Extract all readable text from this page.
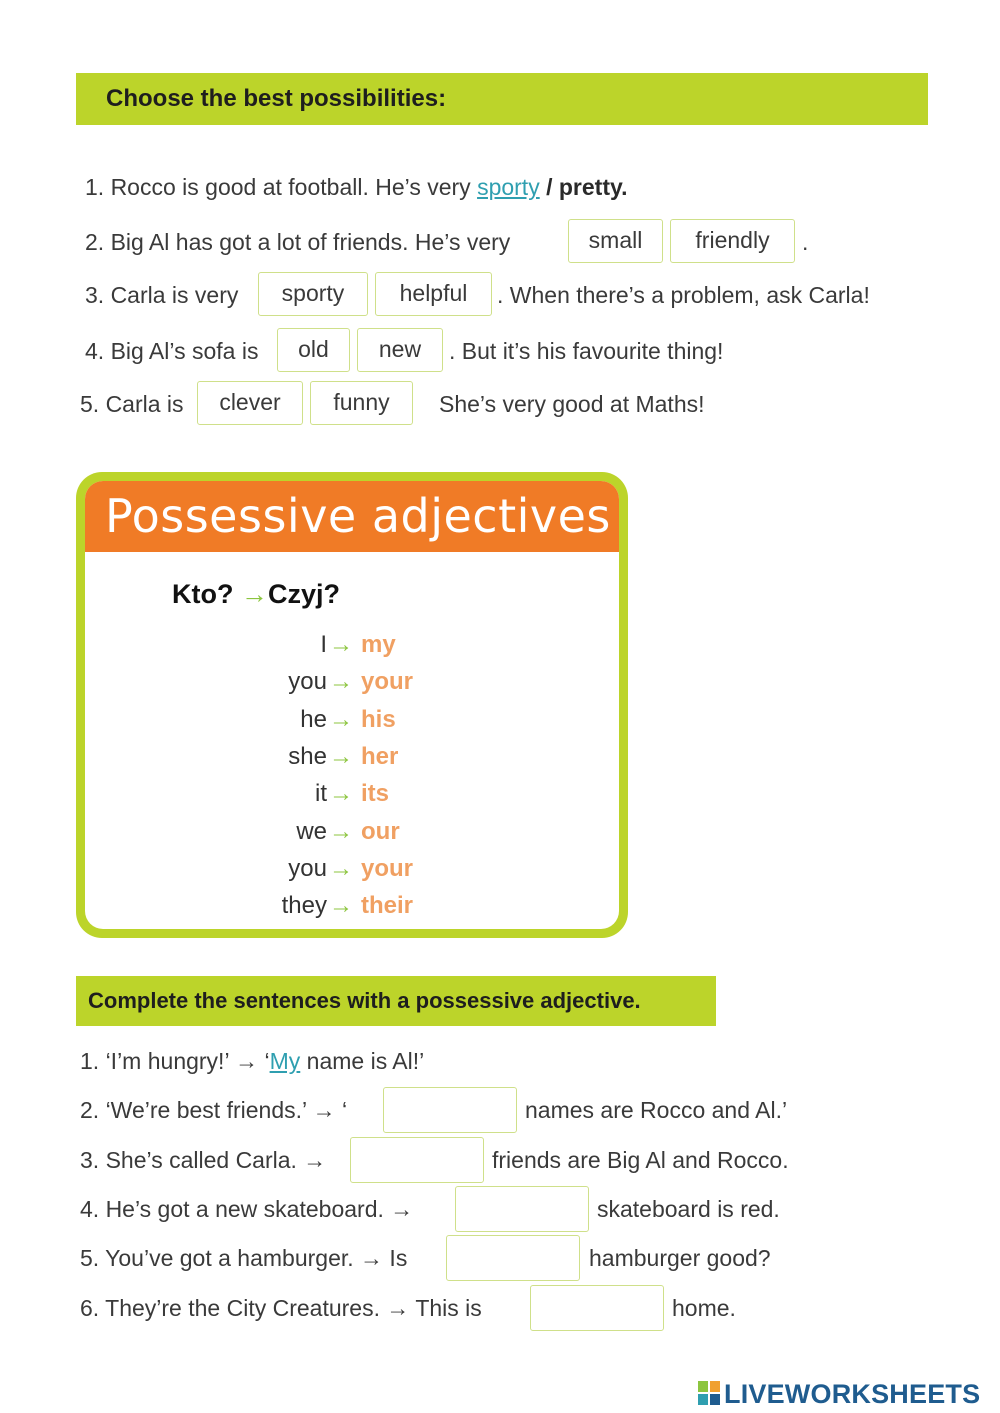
Choose the best possibilities:
1. Rocco is good at football. He’s very sporty / pretty.
2. Big Al has got a lot of friends. He’s very	small	friendly	.
3. Carla is very	sporty	helpful	. When there’s a problem, ask Carla!
4. Big Al’s sofa is	old	new	. But it’s his favourite thing!
5. Carla is	clever	funny	She’s very good at Maths!
Possessive adjectives
Kto? →Czyj?
I → my
you → your
he → his
she → her
it → its
we → our
you → your
they → their
Complete the sentences with a possessive adjective.
1. ‘I’m hungry!’ → ‘My name is Al!’
2. ‘We’re best friends.’ → ‘	names are Rocco and Al.’
3. She’s called Carla. →	friends are Big Al and Rocco.
4. He’s got a new skateboard. →	skateboard is red.
5. You’ve got a hamburger. → Is	hamburger good?
6. They’re the City Creatures. → This is	home.
LIVEWORKSHEETS
